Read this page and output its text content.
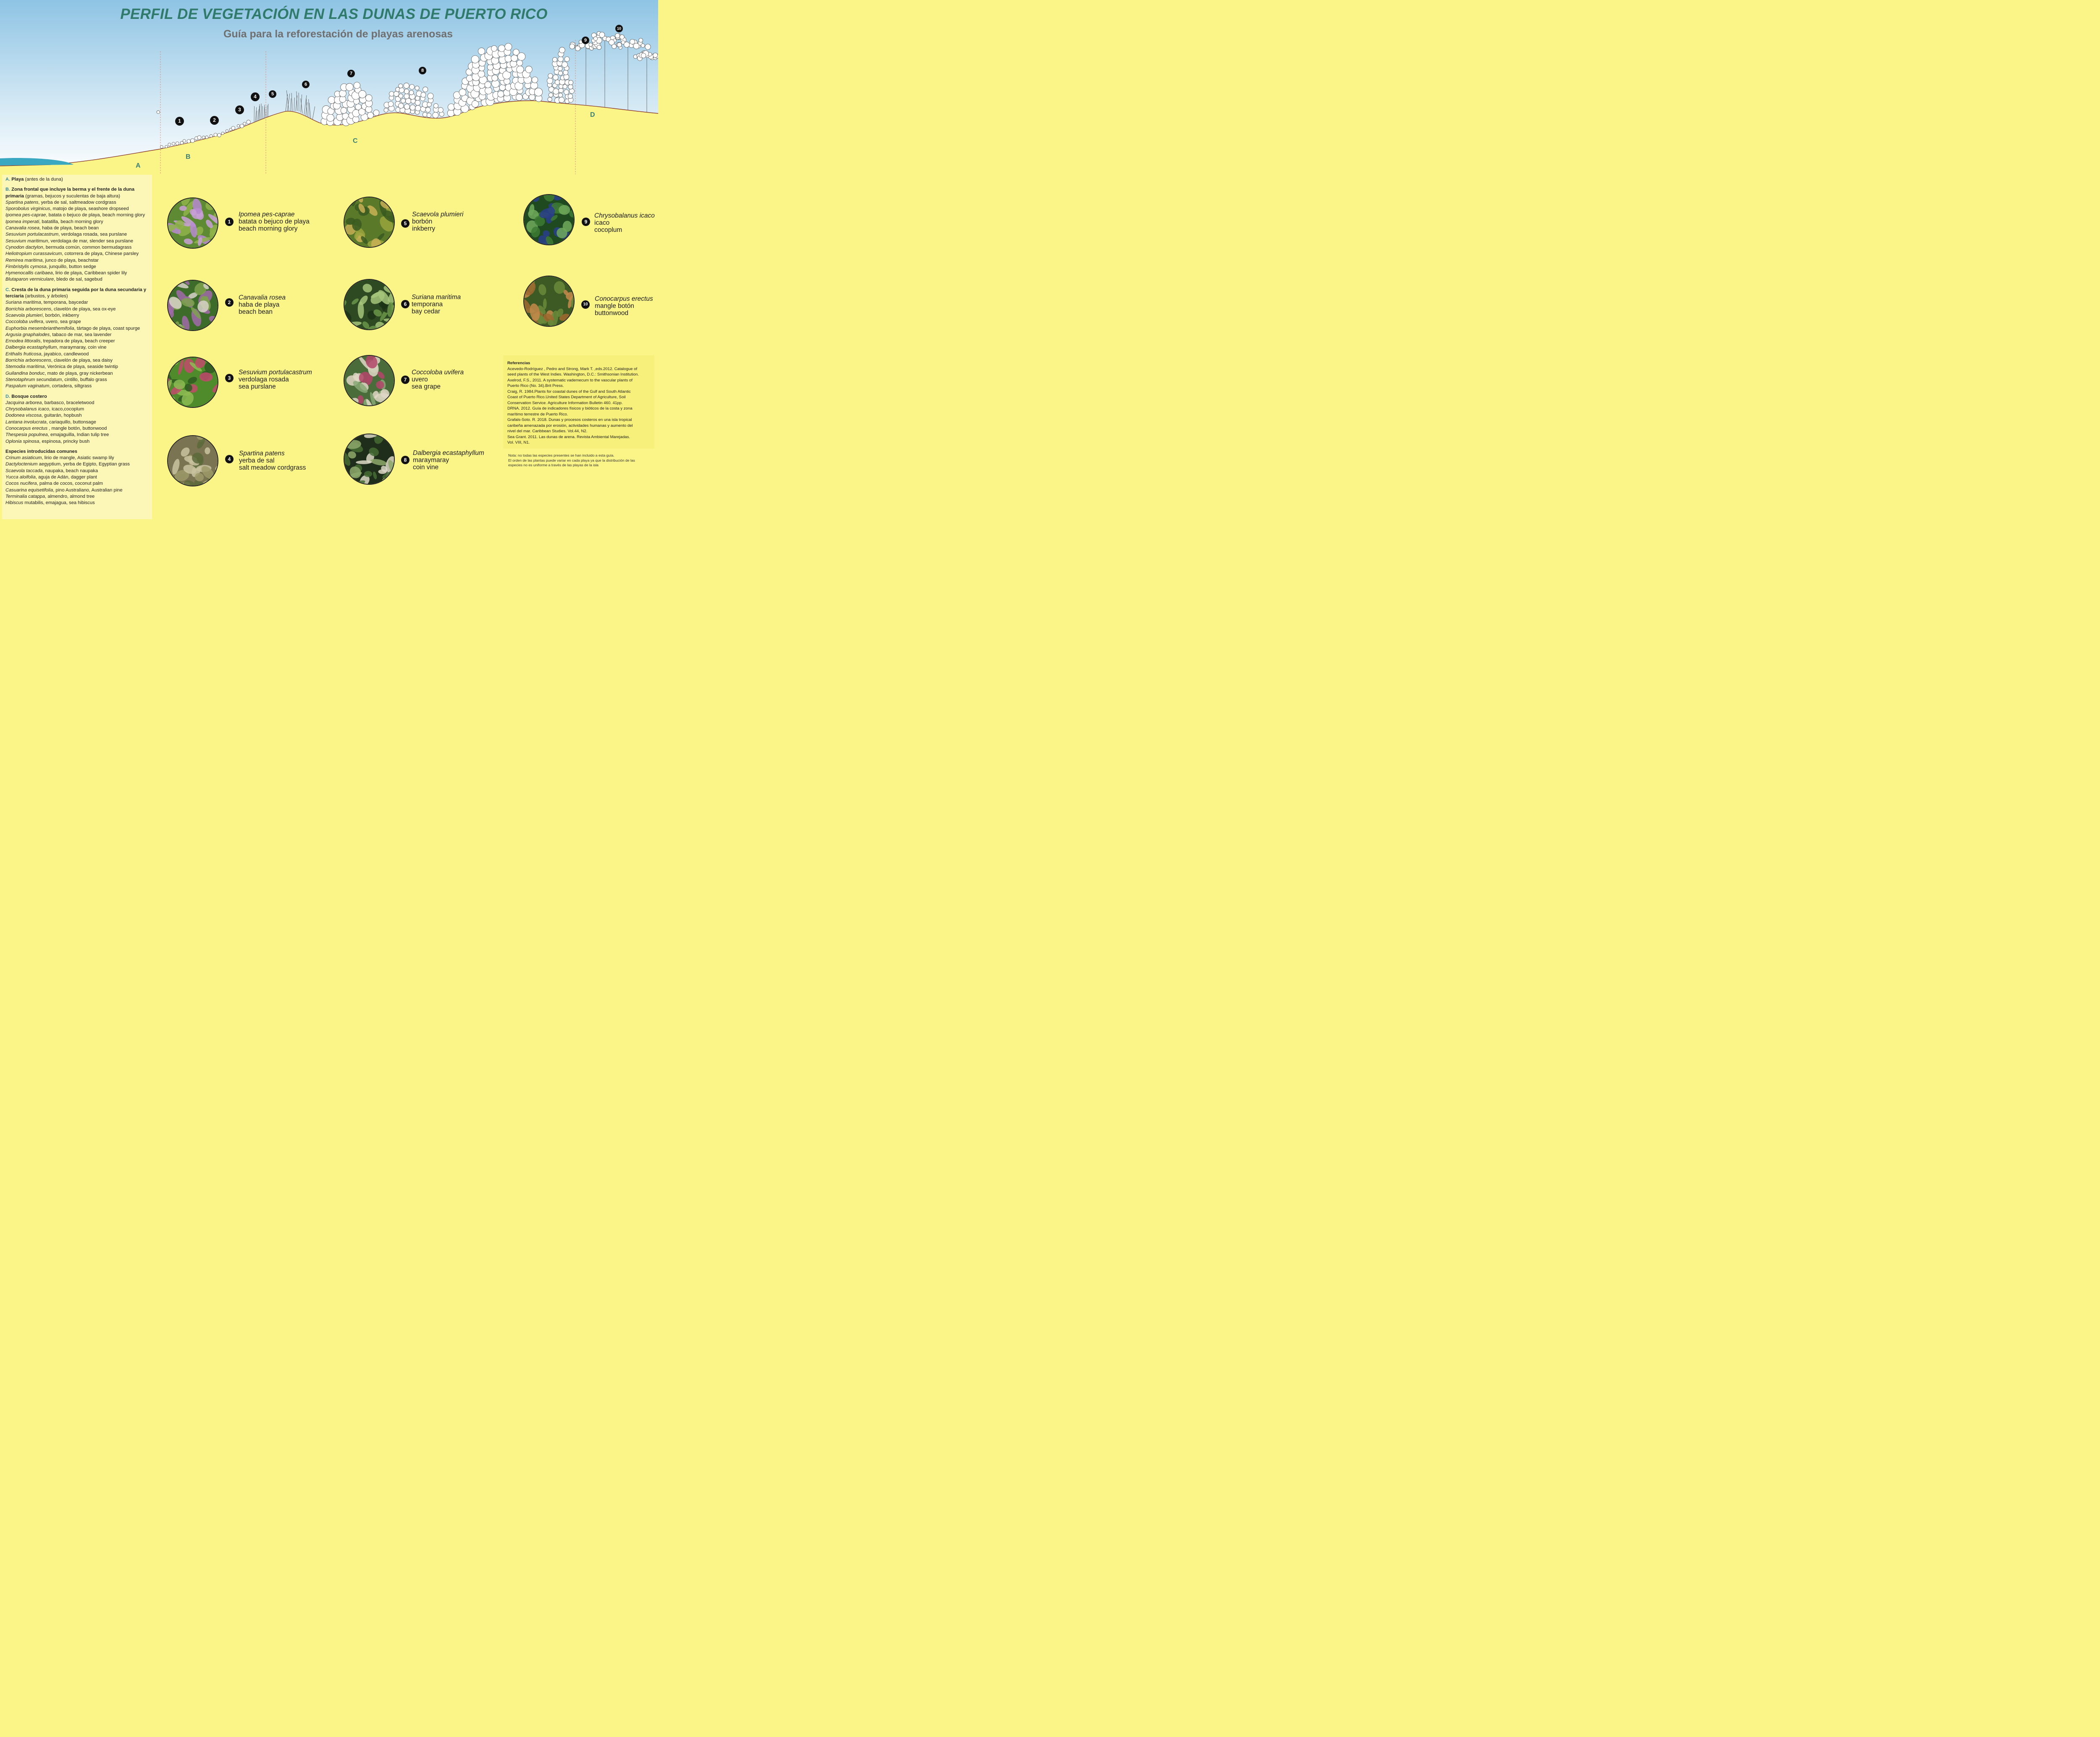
PERFIL DE VEGETACIÓN EN LAS DUNAS DE PUERTO RICO
Guía para la reforestación de playas arenosas
A
B
C
D
1	2
3
4	5
6
7
8
9
10
A. Playa (antes de la duna)
B. Zona frontal que incluye la berma y el frente de la duna primaria (gramas, bejucos y suculentas de baja altura)
Spartina patens, yerba de sal, saltmeadow cordgrass
Sporobolus virginicus, matojo de playa, seashore dropseed
Ipomea pes-caprae, batata o bejuco de playa, beach morning glory
Ipomea imperati, batatilla, beach morning glory
Canavalia rosea, haba de playa, beach bean
Sesuvium portulacastrum, verdolaga rosada, sea purslane
Sesuvium maritimun, verdolaga de mar, slender sea purslane
Cynodon dactylon, bermuda común, common bermudagrass
Heliotropium curassavicum, cotorrera de playa, Chinese parsley
Remirea maritima, junco de playa, beachstar
Fimbristylis cymosa, junquillo, button sedge
Hymenocallis caribaea, lirio de playa, Caribbean spider lily
Blutaparon vermiculare, bledo de sal, sagebud
C. Cresta de la duna primaria seguida por la duna secundaria y terciaria (arbustos, y árboles)
Suriana maritima, temporana, baycedar
Borrichia arborescens, clavelón de playa, sea ox-eye
Scaevola plumieri, borbón, inkberry
Coccoloba uvifera, uvero, sea grape
Euphorbia mesembrianthemifolia, tártago de playa, coast spurge
Argusia gnaphalodes, tabaco de mar, sea lavender
Ernodea littoralis, trepadora de playa, beach creeper
Dalbergia ecastaphyllum, maraymaray, coin vine
Erithalis fruticosa, jayabico, candlewood
Borrichia arborescens, clavelón de playa, sea daisy
Stemodia maritima, Verónica de playa, seaside twintip
Guilandina bonduc, mato de playa, gray nickerbean
Stenotaphrum secundatum, cintillo, buffalo grass
Paspalum vaginatum, cortadera, siltgrass
D. Bosque costero
Jacquina arborea, barbasco, braceletwood
Chrysobalanus icaco, icaco,cocoplum
Dodonea viscosa, guitarán, hopbush
Lantana involucrata, cariaquillo, buttonsage
Conocarpus erectus , mangle botón, buttonwood
Thespesia populnea, emajaguilla, Indian tulip tree
Oplonia spinosa, espinosa, princky bush
Especies introducidas comunes
Crinum asiaticum, lirio de mangle, Asiatic swamp lily
Dactyloctenium aegyptium, yerba de Egipto, Egyptian grass
Scaevola taccada, naupaka, beach naupaka
Yucca aloifolia, aguja de Adán, dagger plant
Cocos nucifera, palma de cocos, coconut palm
Casuarina equisetifolia, pino Australiano, Australian pine
Terminalia catappa, almendro, almond tree
Hibiscus mutabilis, emajagua, sea hibiscus
1
Ipomea pes-caprae
batata o bejuco de playa
beach morning glory
2
Canavalia rosea
haba de playa
beach bean
3
Sesuvium portulacastrum
verdolaga rosada
sea purslane
4
Spartina patens
yerba de sal
salt meadow cordgrass
5
Scaevola plumieri
borbón
inkberry
6
Suriana maritima
temporana
bay cedar
7
Coccoloba uvifera
uvero
sea grape
8
Dalbergia ecastaphyllum
maraymaray
coin vine
9
Chrysobalanus icaco
icaco
cocoplum
10
Conocarpus erectus
mangle botón
buttonwood
Referencias
Acevedo-Rodríguez , Pedro and Strong, Mark T. ,eds.2012. Catalogue of
seed plants of the West Indies. Washington, D.C.: Smithsonian Institution.
Axelrod, F.S., 2011. A systematic vademecum to the vascular plants of
Puerto Rico (No. 34).Brit Press.
Craig, R. 1984.Plants for coastal dunes of the Gulf and South Atlantic
Coast of Puerto Rico.United States Department of Agriculture, Soil
Conservation Service. Agriculture Information Bulletin 460. 41pp.
DRNA. 2012. Guía de indicadores físicos y bióticos de la costa y zona
marítimo terrestre de Puerto Rico.
Grafals-Soto. R. 2018. Dunas y procesos costeros en una isla tropical
caribeña amenazada por erosión, actividades humanas y aumento del
nivel del mar. Caribbean Studies. Vol.44, N2.
Sea Grant. 2011. Las dunas de arena. Revista Ambiental Marejadas.
Vol. VIII, N1.
Nota: no todas las especies presentes se han incluido a esta guía.
El orden de las plantas puede variar en cada playa ya que la distribución de las
especies no es uniforme a través de las playas de la isla
